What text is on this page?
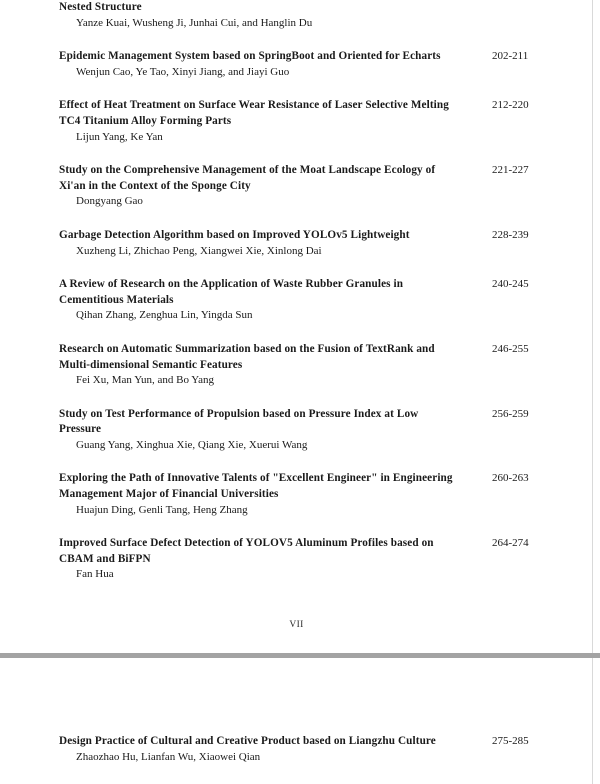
Nested Structure
Yanze Kuai, Wusheng Ji, Junhai Cui, and Hanglin Du
Epidemic Management System based on SpringBoot and Oriented for Echarts
Wenjun Cao, Ye Tao, Xinyi Jiang, and Jiayi Guo
202-211
Effect of Heat Treatment on Surface Wear Resistance of Laser Selective Melting TC4 Titanium Alloy Forming Parts
Lijun Yang, Ke Yan
212-220
Study on the Comprehensive Management of the Moat Landscape Ecology of Xi'an in the Context of the Sponge City
Dongyang Gao
221-227
Garbage Detection Algorithm based on Improved YOLOv5 Lightweight
Xuzheng Li, Zhichao Peng, Xiangwei Xie, Xinlong Dai
228-239
A Review of Research on the Application of Waste Rubber Granules in Cementitious Materials
Qihan Zhang, Zenghua Lin, Yingda Sun
240-245
Research on Automatic Summarization based on the Fusion of TextRank and Multi-dimensional Semantic Features
Fei Xu, Man Yun, and Bo Yang
246-255
Study on Test Performance of Propulsion based on Pressure Index at Low Pressure
Guang Yang, Xinghua Xie, Qiang Xie, Xuerui Wang
256-259
Exploring the Path of Innovative Talents of "Excellent Engineer" in Engineering Management Major of Financial Universities
Huajun Ding, Genli Tang, Heng Zhang
260-263
Improved Surface Defect Detection of YOLOV5 Aluminum Profiles based on CBAM and BiFPN
Fan Hua
264-274
VII
Design Practice of Cultural and Creative Product based on Liangzhu Culture
Zhaozhao Hu, Lianfan Wu, Xiaowei Qian
275-285
